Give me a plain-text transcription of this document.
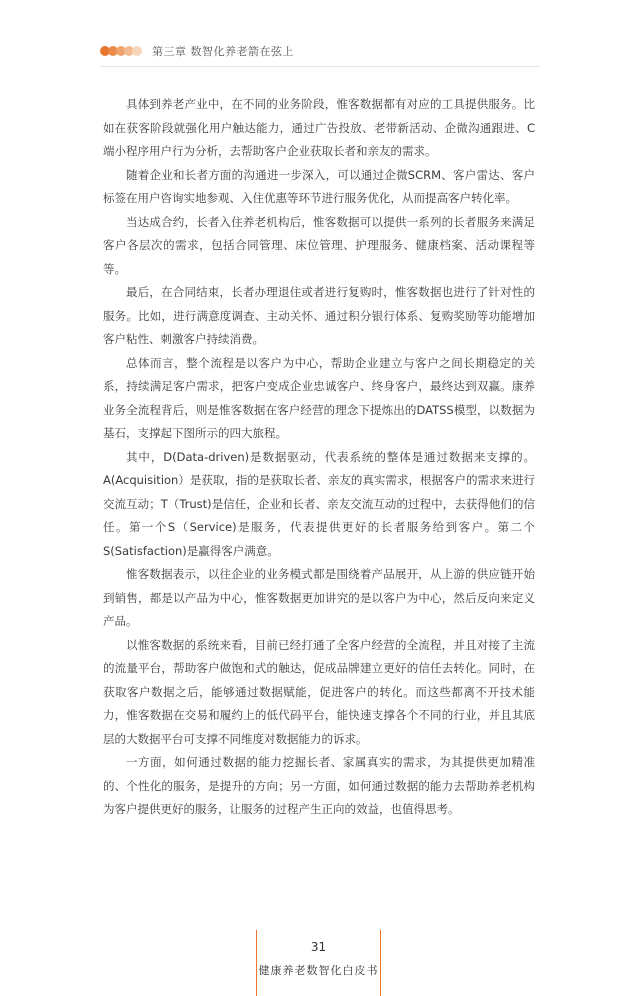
第三章 数智化养老箭在弦上

具体到养老产业中，在不同的业务阶段，惟客数据都有对应的工具提供服务。比如在获客阶段就强化用户触达能力，通过广告投放、老带新活动、企微沟通跟进、C端小程序用户行为分析，去帮助客户企业获取长者和亲友的需求。

随着企业和长者方面的沟通进一步深入，可以通过企微SCRM、客户雷达、客户标签在用户咨询实地参观、入住优惠等环节进行服务优化，从而提高客户转化率。

当达成合约，长者入住养老机构后，惟客数据可以提供一系列的长者服务来满足客户各层次的需求，包括合同管理、床位管理、护理服务、健康档案、活动课程等等。

最后，在合同结束，长者办理退住或者进行复购时，惟客数据也进行了针对性的服务。比如，进行满意度调查、主动关怀、通过积分银行体系、复购奖励等功能增加客户粘性、刺激客户持续消费。

总体而言，整个流程是以客户为中心，帮助企业建立与客户之间长期稳定的关系，持续满足客户需求，把客户变成企业忠诚客户、终身客户，最终达到双赢。康养业务全流程背后，则是惟客数据在客户经营的理念下提炼出的DATSS模型，以数据为基石，支撑起下图所示的四大旅程。

其中，D(Data-driven)是数据驱动，代表系统的整体是通过数据来支撑的。A(Acquisition）是获取，指的是获取长者、亲友的真实需求，根据客户的需求来进行交流互动；T（Trust)是信任，企业和长者、亲友交流互动的过程中，去获得他们的信任。第一个S（Service)是服务，代表提供更好的长者服务给到客户。第二个S(Satisfaction)是赢得客户满意。

惟客数据表示，以往企业的业务模式都是围绕着产品展开，从上游的供应链开始到销售，都是以产品为中心，惟客数据更加讲究的是以客户为中心，然后反向来定义产品。

以惟客数据的系统来看，目前已经打通了全客户经营的全流程，并且对接了主流的流量平台，帮助客户做饱和式的触达，促成品牌建立更好的信任去转化。同时，在获取客户数据之后，能够通过数据赋能，促进客户的转化。而这些都离不开技术能力，惟客数据在交易和履约上的低代码平台，能快速支撑各个不同的行业，并且其底层的大数据平台可支撑不同维度对数据能力的诉求。

一方面，如何通过数据的能力挖掘长者、家属真实的需求，为其提供更加精准的、个性化的服务，是提升的方向；另一方面，如何通过数据的能力去帮助养老机构为客户提供更好的服务，让服务的过程产生正向的效益，也值得思考。

31
健康养老数智化白皮书
